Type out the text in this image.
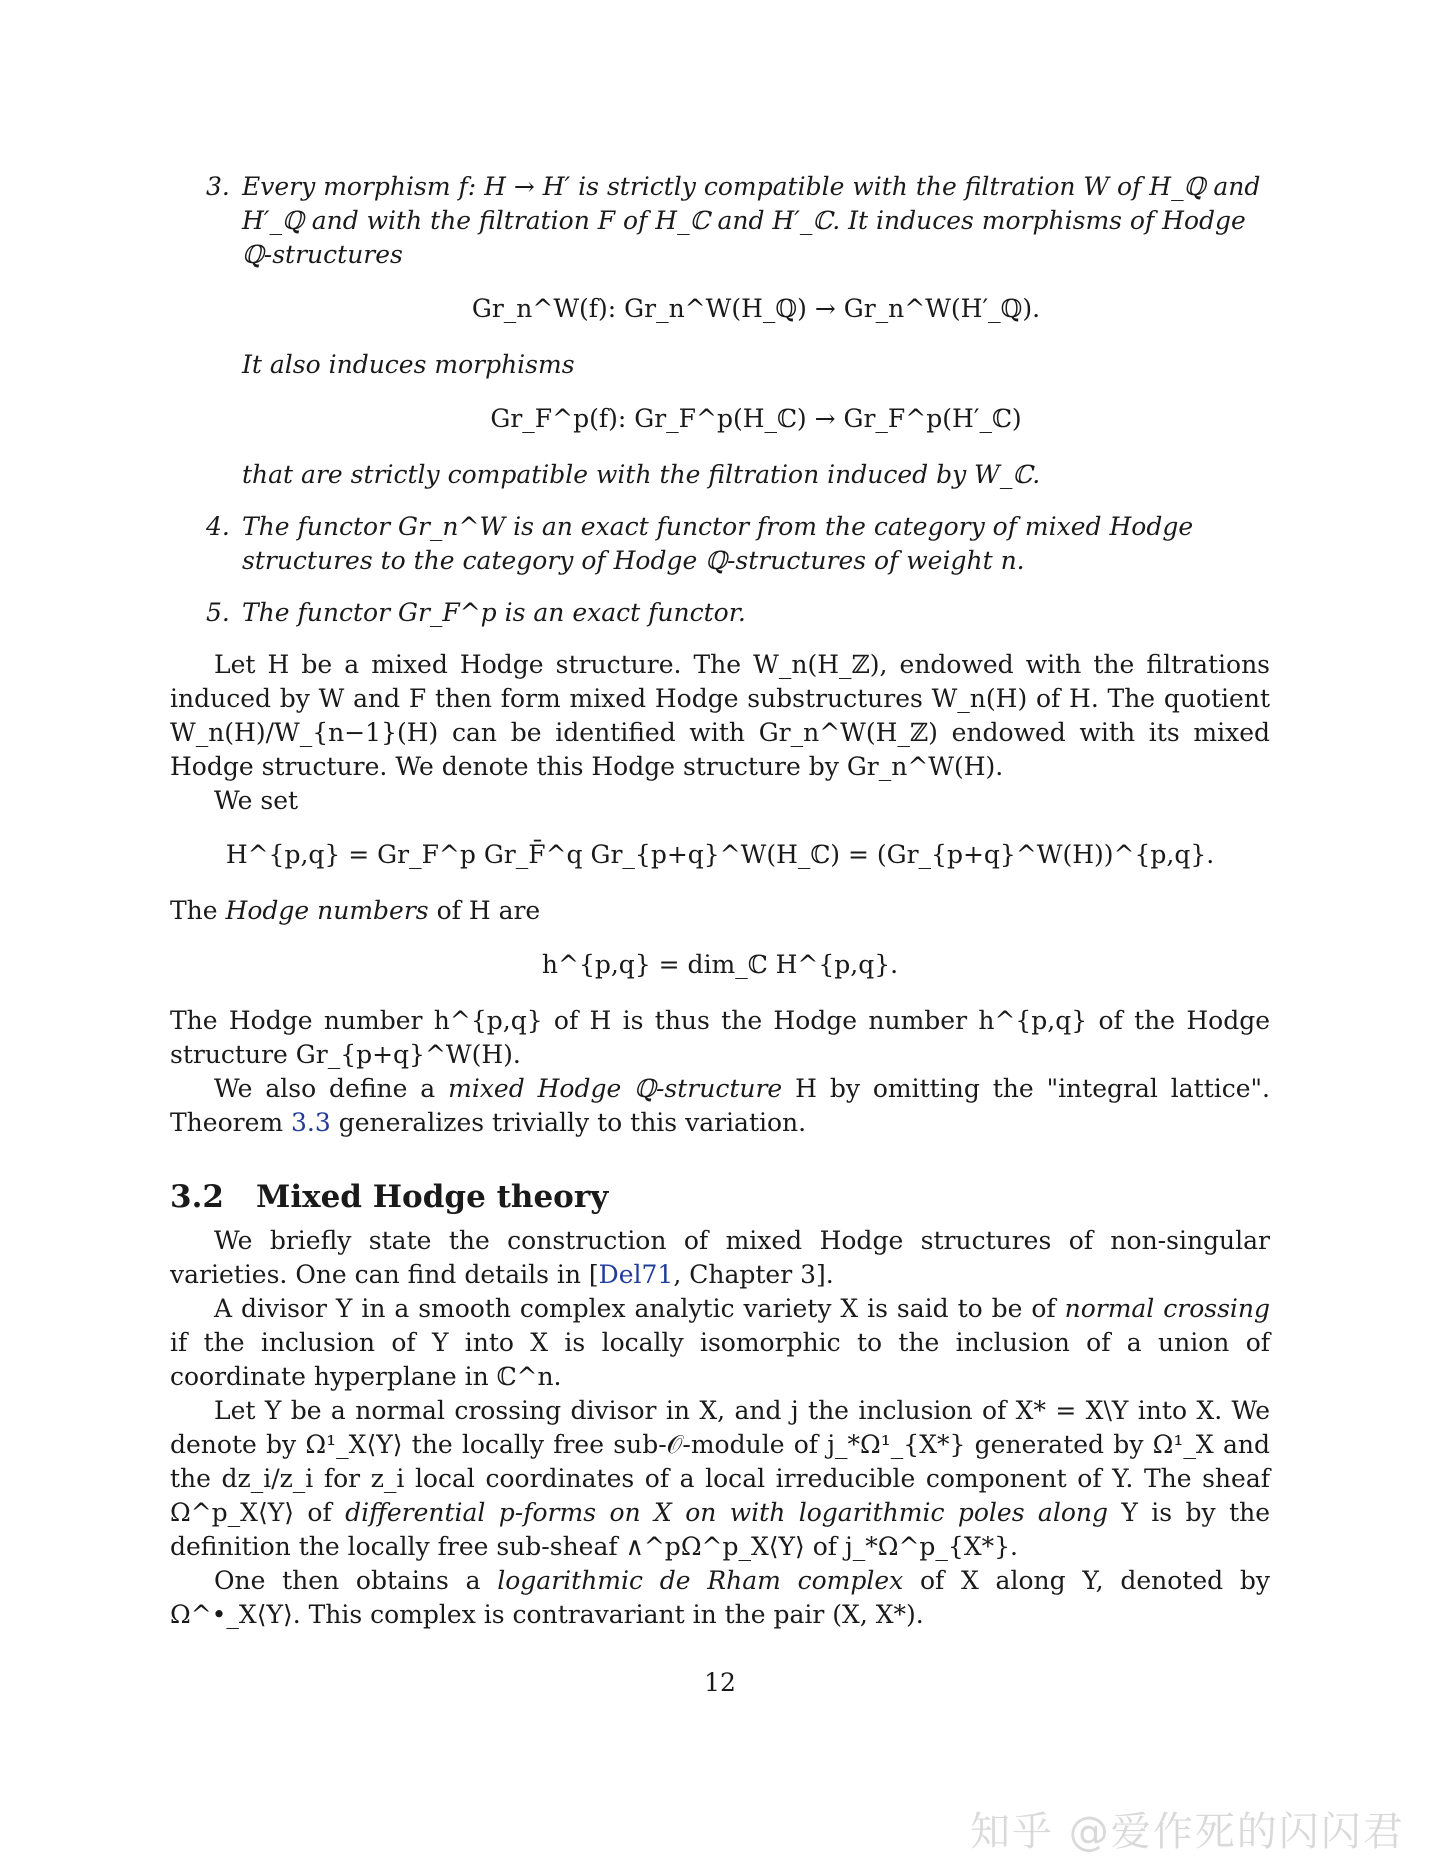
3. Every morphism f: H → H′ is strictly compatible with the filtration W of H_ℚ and H′_ℚ and with the filtration F of H_ℂ and H′_ℂ. It induces morphisms of Hodge ℚ-structures
Gr_n^W(f): Gr_n^W(H_ℚ) → Gr_n^W(H′_ℚ).
It also induces morphisms
Gr_F^p(f): Gr_F^p(H_ℂ) → Gr_F^p(H′_ℂ)
that are strictly compatible with the filtration induced by W_ℂ.
4. The functor Gr_n^W is an exact functor from the category of mixed Hodge structures to the category of Hodge ℚ-structures of weight n.
5. The functor Gr_F^p is an exact functor.

Let H be a mixed Hodge structure. The W_n(H_ℤ), endowed with the filtrations induced by W and F then form mixed Hodge substructures W_n(H) of H. The quotient W_n(H)/W_{n−1}(H) can be identified with Gr_n^W(H_ℤ) endowed with its mixed Hodge structure. We denote this Hodge structure by Gr_n^W(H).

We set

H^{p,q} = Gr_F^p Gr_F̄^q Gr_{p+q}^W(H_ℂ) = (Gr_{p+q}^W(H))^{p,q}.

The Hodge numbers of H are

h^{p,q} = dim_ℂ H^{p,q}.

The Hodge number h^{p,q} of H is thus the Hodge number h^{p,q} of the Hodge structure Gr_{p+q}^W(H).

We also define a mixed Hodge ℚ-structure H by omitting the "integral lattice". Theorem 3.3 generalizes trivially to this variation.

3.2 Mixed Hodge theory

We briefly state the construction of mixed Hodge structures of non-singular varieties. One can find details in [Del71, Chapter 3].

A divisor Y in a smooth complex analytic variety X is said to be of normal crossing if the inclusion of Y into X is locally isomorphic to the inclusion of a union of coordinate hyperplane in ℂ^n.

Let Y be a normal crossing divisor in X, and j the inclusion of X* = X\Y into X. We denote by Ω¹_X⟨Y⟩ the locally free sub-𝒪-module of j_*Ω¹_{X*} generated by Ω¹_X and the dz_i/z_i for z_i local coordinates of a local irreducible component of Y. The sheaf Ω^p_X⟨Y⟩ of differential p-forms on X on with logarithmic poles along Y is by the definition the locally free sub-sheaf ∧^pΩ^p_X⟨Y⟩ of j_*Ω^p_{X*}.

One then obtains a logarithmic de Rham complex of X along Y, denoted by Ω^•_X⟨Y⟩. This complex is contravariant in the pair (X, X*).

12
知乎 @爱作死的闪闪君
